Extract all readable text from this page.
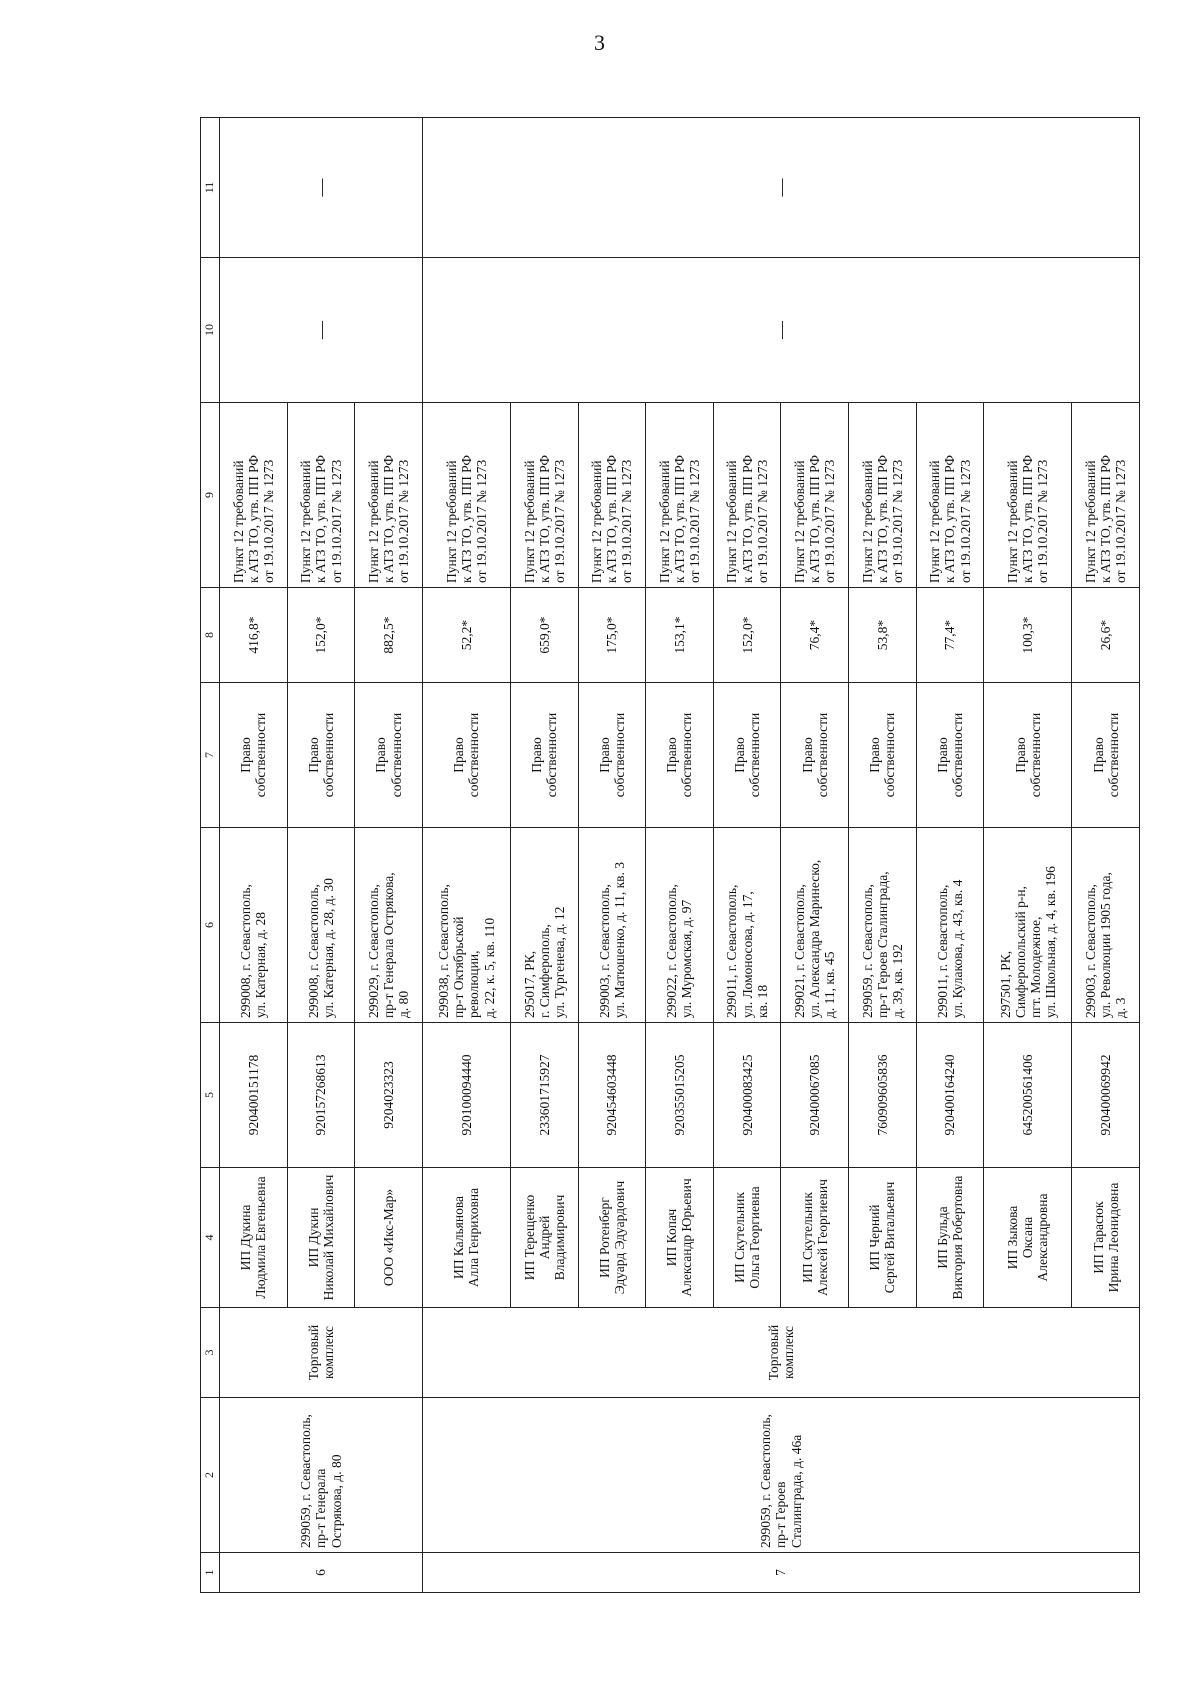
3
1	2	3	4	5	6	7	8	9	10	11
6	299059, г. Севастополь,
пр-т Генерала
Острякова, д. 80	Торговый
комплекс	ИП Дукина
Людмила Евгеньевна	920400151178	299008, г. Севастополь,
ул. Катерная, д. 28	Право
собственности	416,8*	Пункт 12 требований
к АТЗ ТО, утв. ПП РФ
от 19.10.2017 № 1273	—	—
			ИП Дукин
Николай Михайлович	920157268613	299008, г. Севастополь,
ул. Катерная, д. 28, д. 30	Право
собственности	152,0*	Пункт 12 требований
к АТЗ ТО, утв. ПП РФ
от 19.10.2017 № 1273		
			ООО «Икс-Мар»	9204023323	299029, г. Севастополь,
пр-т Генерала Острякова,
д. 80	Право
собственности	882,5*	Пункт 12 требований
к АТЗ ТО, утв. ПП РФ
от 19.10.2017 № 1273		
7	299059, г. Севастополь,
пр-т Героев
Сталинграда, д. 46а	Торговый
комплекс	ИП Кальянова
Алла Генриховна	920100094440	299038, г. Севастополь,
пр-т Октябрьской
революции,
д. 22, к. 5, кв. 110	Право
собственности	52,2*	Пункт 12 требований
к АТЗ ТО, утв. ПП РФ
от 19.10.2017 № 1273	—	—
			ИП Терещенко
Андрей
Владимирович	233601715927	295017, РК,
г. Симферополь,
ул. Тургенева, д. 12	Право
собственности	659,0*	Пункт 12 требований
к АТЗ ТО, утв. ПП РФ
от 19.10.2017 № 1273		
			ИП Ротенберг
Эдуард Эдуардович	920454603448	299003, г. Севастополь,
ул. Матюшенко, д. 11, кв. 3	Право
собственности	175,0*	Пункт 12 требований
к АТЗ ТО, утв. ПП РФ
от 19.10.2017 № 1273		
			ИП Копач
Александр Юрьевич	920355015205	299022, г. Севастополь,
ул. Муромская, д. 97	Право
собственности	153,1*	Пункт 12 требований
к АТЗ ТО, утв. ПП РФ
от 19.10.2017 № 1273		
			ИП Скутельник
Ольга Георгиевна	920400083425	299011, г. Севастополь,
ул. Ломоносова, д. 17,
кв. 18	Право
собственности	152,0*	Пункт 12 требований
к АТЗ ТО, утв. ПП РФ
от 19.10.2017 № 1273		
			ИП Скутельник
Алексей Георгиевич	920400067085	299021, г. Севастополь,
ул. Александра Маринеско,
д. 11, кв. 45	Право
собственности	76,4*	Пункт 12 требований
к АТЗ ТО, утв. ПП РФ
от 19.10.2017 № 1273		
			ИП Черний
Сергей Витальевич	760909605836	299059, г. Севастополь,
пр-т Героев Сталинграда,
д. 39, кв. 192	Право
собственности	53,8*	Пункт 12 требований
к АТЗ ТО, утв. ПП РФ
от 19.10.2017 № 1273		
			ИП Бульда
Виктория Робертовна	920400164240	299011, г. Севастополь,
ул. Кулакова, д. 43, кв. 4	Право
собственности	77,4*	Пункт 12 требований
к АТЗ ТО, утв. ПП РФ
от 19.10.2017 № 1273		
			ИП Зыкова
Оксана
Александровна	645200561406	297501, РК,
Симферопольский р-н,
пгт. Молодежное,
ул. Школьная, д. 4, кв. 196	Право
собственности	100,3*	Пункт 12 требований
к АТЗ ТО, утв. ПП РФ
от 19.10.2017 № 1273		
			ИП Тарасюк
Ирина Леонидовна	920400069942	299003, г. Севастополь,
ул. Революции 1905 года,
д. 3	Право
собственности	26,6*	Пункт 12 требований
к АТЗ ТО, утв. ПП РФ
от 19.10.2017 № 1273		
